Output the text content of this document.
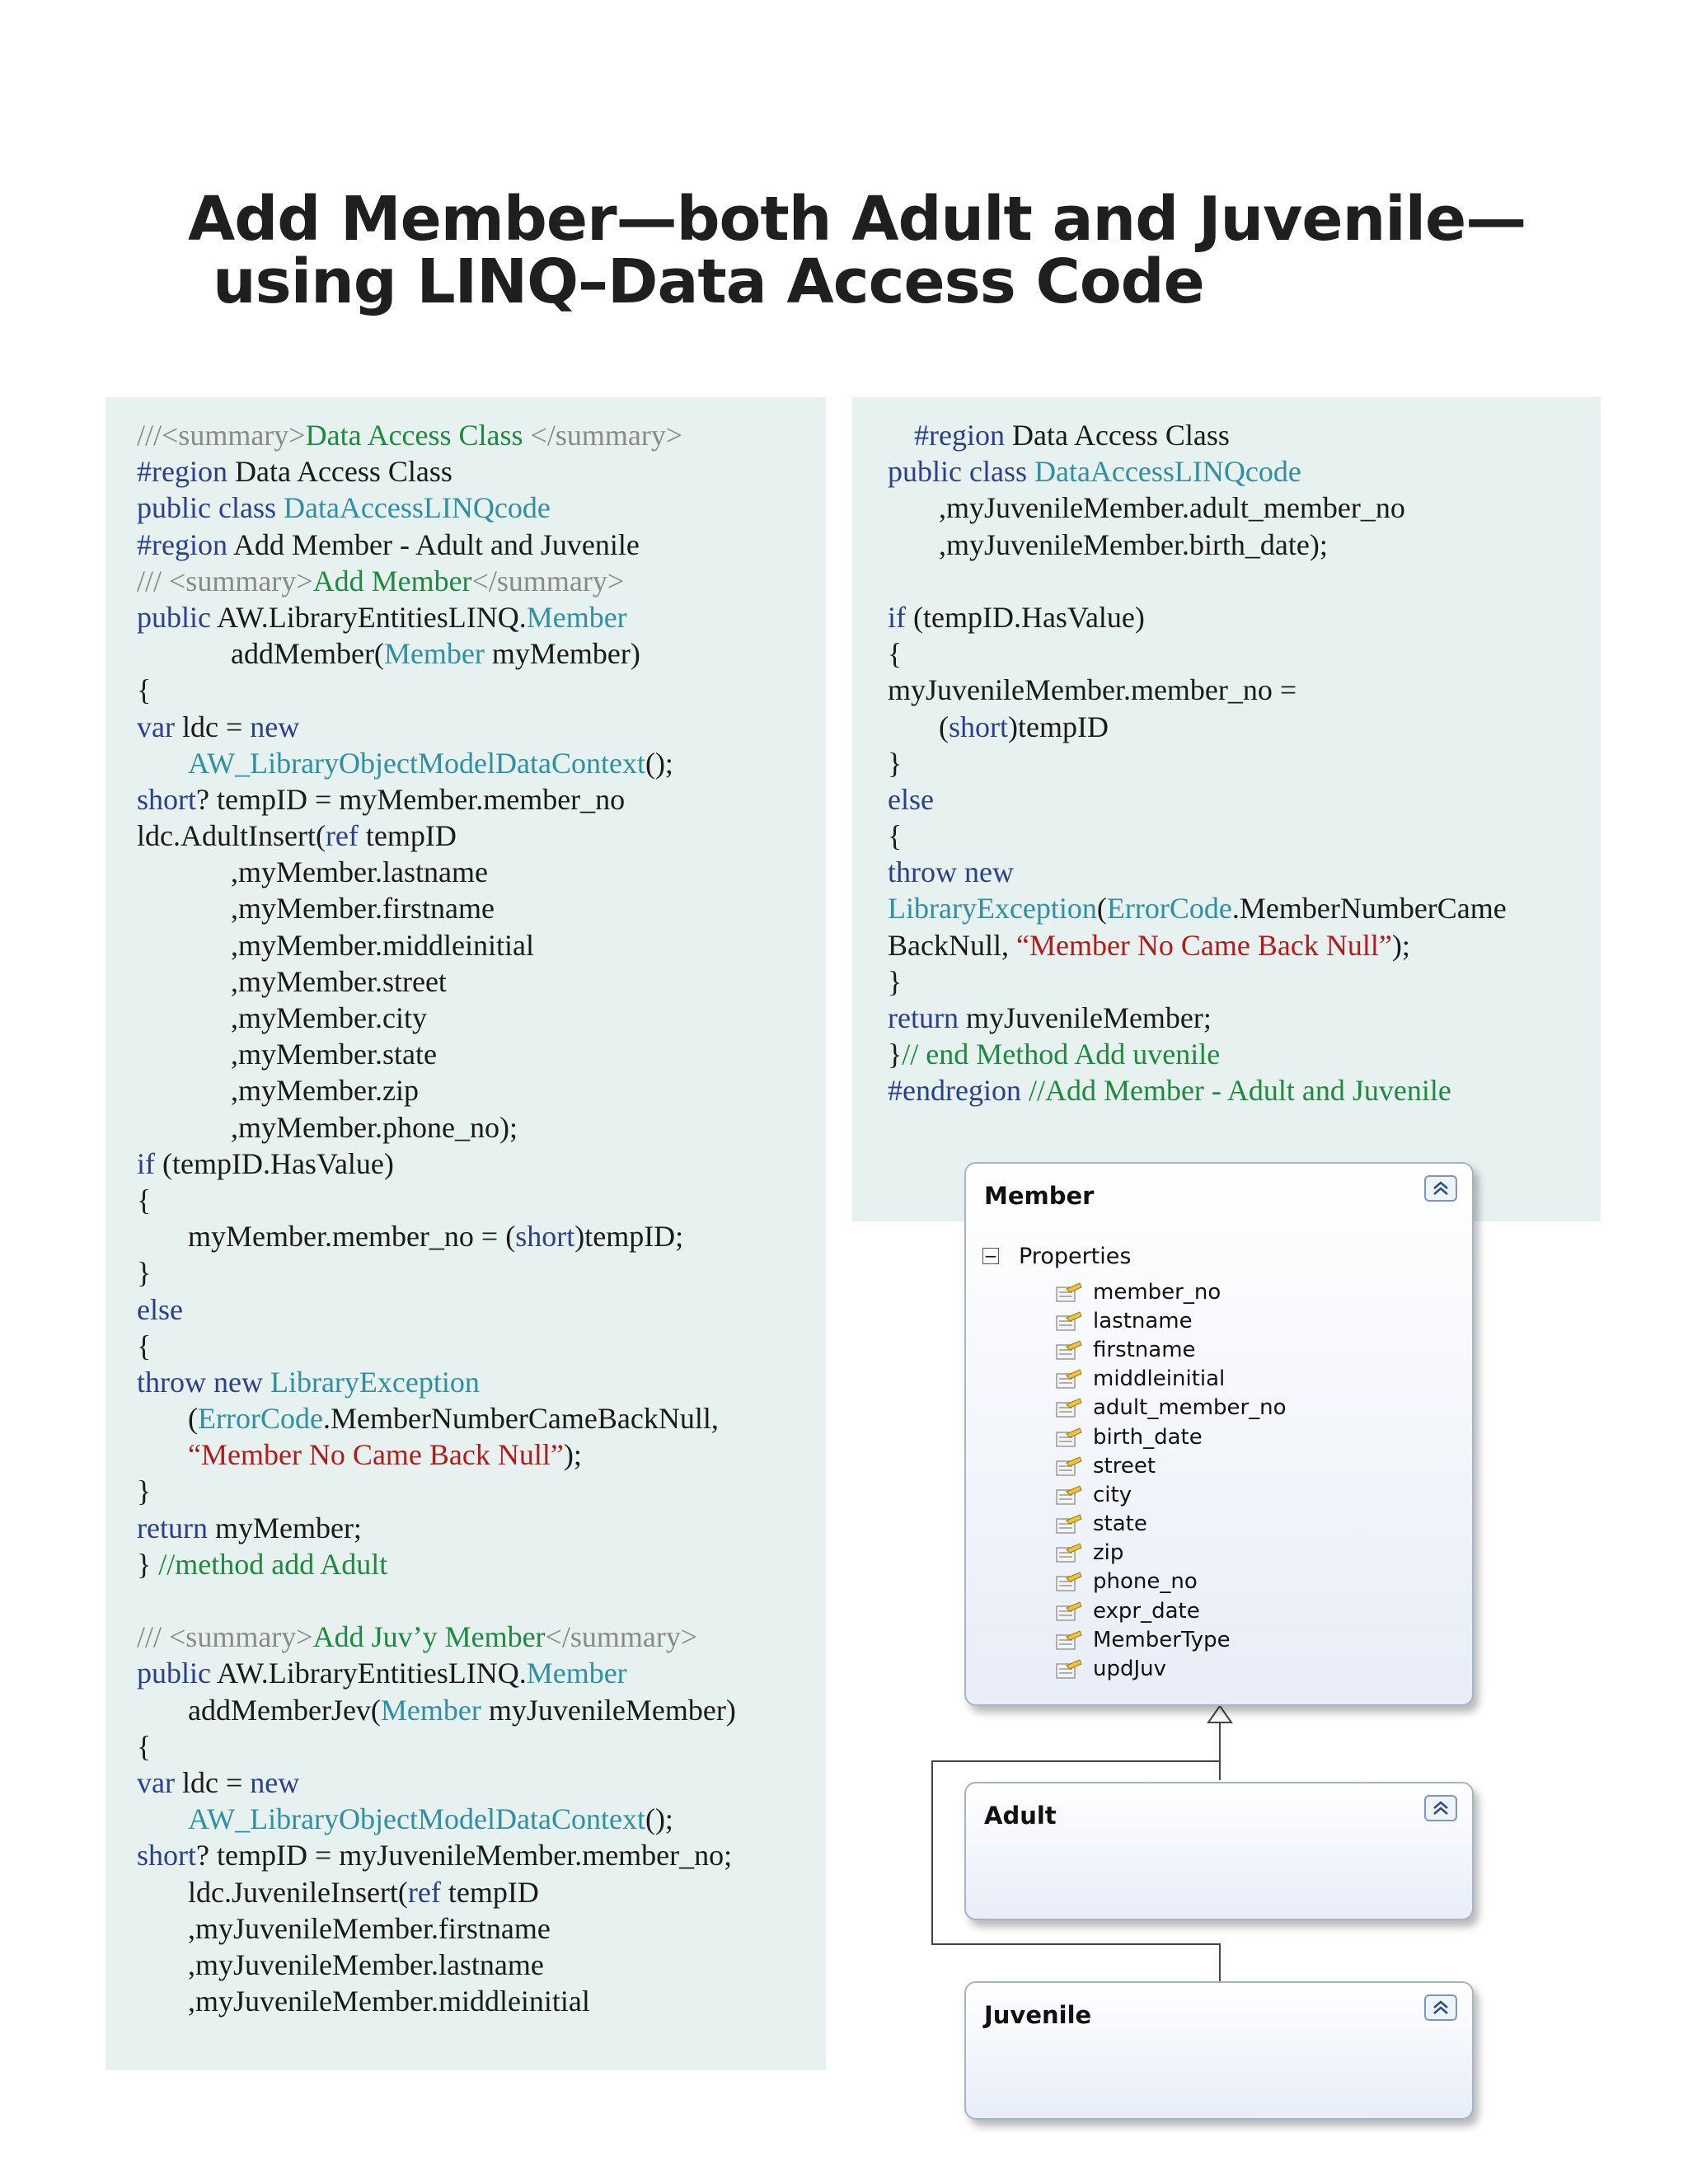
Add Member—both Adult and Juvenile—
using LINQ–Data Access Code
///<summary>Data Access Class </summary>
#region Data Access Class
public class DataAccessLINQcode
#region Add Member - Adult and Juvenile
/// <summary>Add Member</summary>
public AW.LibraryEntitiesLINQ.Member
addMember(Member myMember)
{
var ldc = new
AW_LibraryObjectModelDataContext();
short? tempID = myMember.member_no
ldc.AdultInsert(ref tempID
,myMember.lastname
,myMember.firstname
,myMember.middleinitial
,myMember.street
,myMember.city
,myMember.state
,myMember.zip
,myMember.phone_no);
if (tempID.HasValue)
{
myMember.member_no = (short)tempID;
}
else
{
throw new LibraryException
(ErrorCode.MemberNumberCameBackNull,
“Member No Came Back Null”);
}
return myMember;
} //method add Adult
/// <summary>Add Juv’y Member</summary>
public AW.LibraryEntitiesLINQ.Member
addMemberJev(Member myJuvenileMember)
{
var ldc = new
AW_LibraryObjectModelDataContext();
short? tempID = myJuvenileMember.member_no;
ldc.JuvenileInsert(ref tempID
,myJuvenileMember.firstname
,myJuvenileMember.lastname
,myJuvenileMember.middleinitial
#region Data Access Class
public class DataAccessLINQcode
,myJuvenileMember.adult_member_no
,myJuvenileMember.birth_date);
if (tempID.HasValue)
{
myJuvenileMember.member_no =
(short)tempID
}
else
{
throw new
LibraryException(ErrorCode.MemberNumberCame
BackNull, “Member No Came Back Null”);
}
return myJuvenileMember;
}// end Method Add uvenile
#endregion //Add Member - Adult and Juvenile
Member
− Properties
member_no
lastname
firstname
middleinitial
adult_member_no
birth_date
street
city
state
zip
phone_no
expr_date
MemberType
updJuv
Adult
Juvenile
